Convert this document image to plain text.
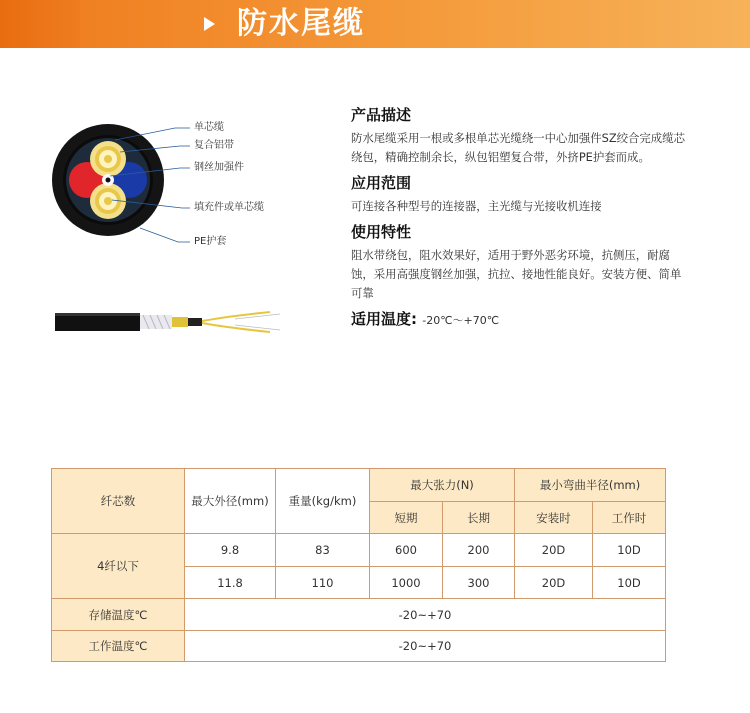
防水尾缆
单芯缆
复合铝带
钢丝加强件
填充件或单芯缆
PE护套
产品描述
防水尾缆采用一根或多根单芯光缆绕一中心加强件SZ绞合完成缆芯绕包，精确控制余长，纵包铝塑复合带，外挤PE护套而成。
应用范围
可连接各种型号的连接器，主光缆与光接收机连接
使用特性
阻水带绕包，阻水效果好，适用于野外恶劣环境，抗侧压，耐腐蚀，采用高强度钢丝加强，抗拉、接地性能良好。安装方便、简单可靠
适用温度: -20℃～+70℃
纤芯数	最大外径(mm)	重量(kg/km)	最大张力(N)		最小弯曲半径(mm)	
			短期	长期	安装时	工作时
4纤以下	9.8	83	600	200	20D	10D
	11.8	110	1000	300	20D	10D
存储温度℃	-20~+70					
工作温度℃	-20~+70					
